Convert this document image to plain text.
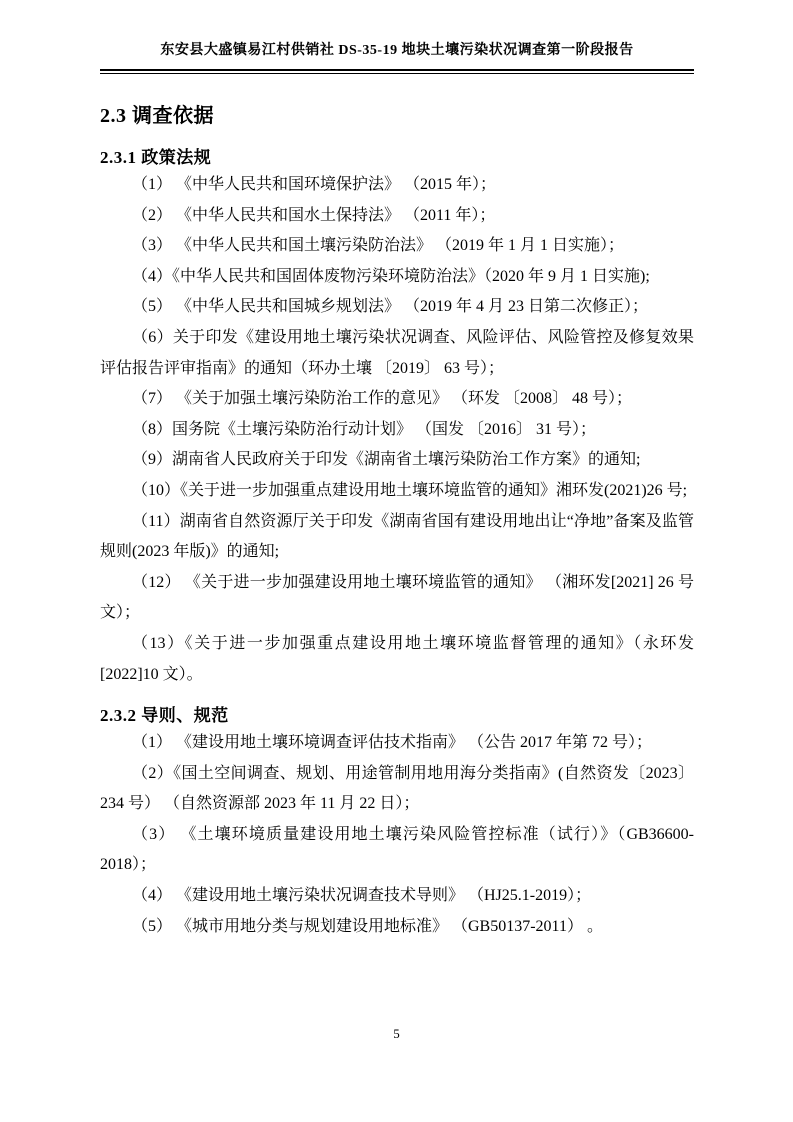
东安县大盛镇易江村供销社 DS-35-19 地块土壤污染状况调查第一阶段报告
2.3 调查依据
2.3.1 政策法规

（1） 《中华人民共和国环境保护法》 （2015 年）；

（2） 《中华人民共和国水土保持法》 （2011 年）；

（3） 《中华人民共和国土壤污染防治法》 （2019 年 1 月 1 日实施）；

（4）《中华人民共和国固体废物污染环境防治法》（2020 年 9 月 1 日实施);

（5） 《中华人民共和国城乡规划法》 （2019 年 4 月 23 日第二次修正）；

（6）关于印发《建设用地土壤污染状况调查、风险评估、风险管控及修复效果评估报告评审指南》的通知（环办土壤 〔2019〕 63 号）；

（7） 《关于加强土壤污染防治工作的意见》 （环发 〔2008〕 48 号）；

（8）国务院《土壤污染防治行动计划》 （国发 〔2016〕 31 号）；

（9）湖南省人民政府关于印发《湖南省土壤污染防治工作方案》的通知;

（10）《关于进一步加强重点建设用地土壤环境监管的通知》湘环发(2021)26 号;

（11）湖南省自然资源厅关于印发《湖南省国有建设用地出让“净地”备案及监管规则(2023 年版)》的通知;

（12） 《关于进一步加强建设用地土壤环境监管的通知》 （湘环发[2021] 26 号文）；

（13）《关于进一步加强重点建设用地土壤环境监督管理的通知》（永环发[2022]10 文）。

2.3.2 导则、规范

（1） 《建设用地土壤环境调查评估技术指南》 （公告 2017 年第 72 号）；

（2）《国土空间调查、规划、用途管制用地用海分类指南》(自然资发〔2023〕234 号） （自然资源部 2023 年 11 月 22 日）；

（3） 《土壤环境质量建设用地土壤污染风险管控标准（试行）》（GB36600-2018）；

（4） 《建设用地土壤污染状况调查技术导则》 （HJ25.1-2019）；

（5） 《城市用地分类与规划建设用地标准》 （GB50137-2011） 。

5
